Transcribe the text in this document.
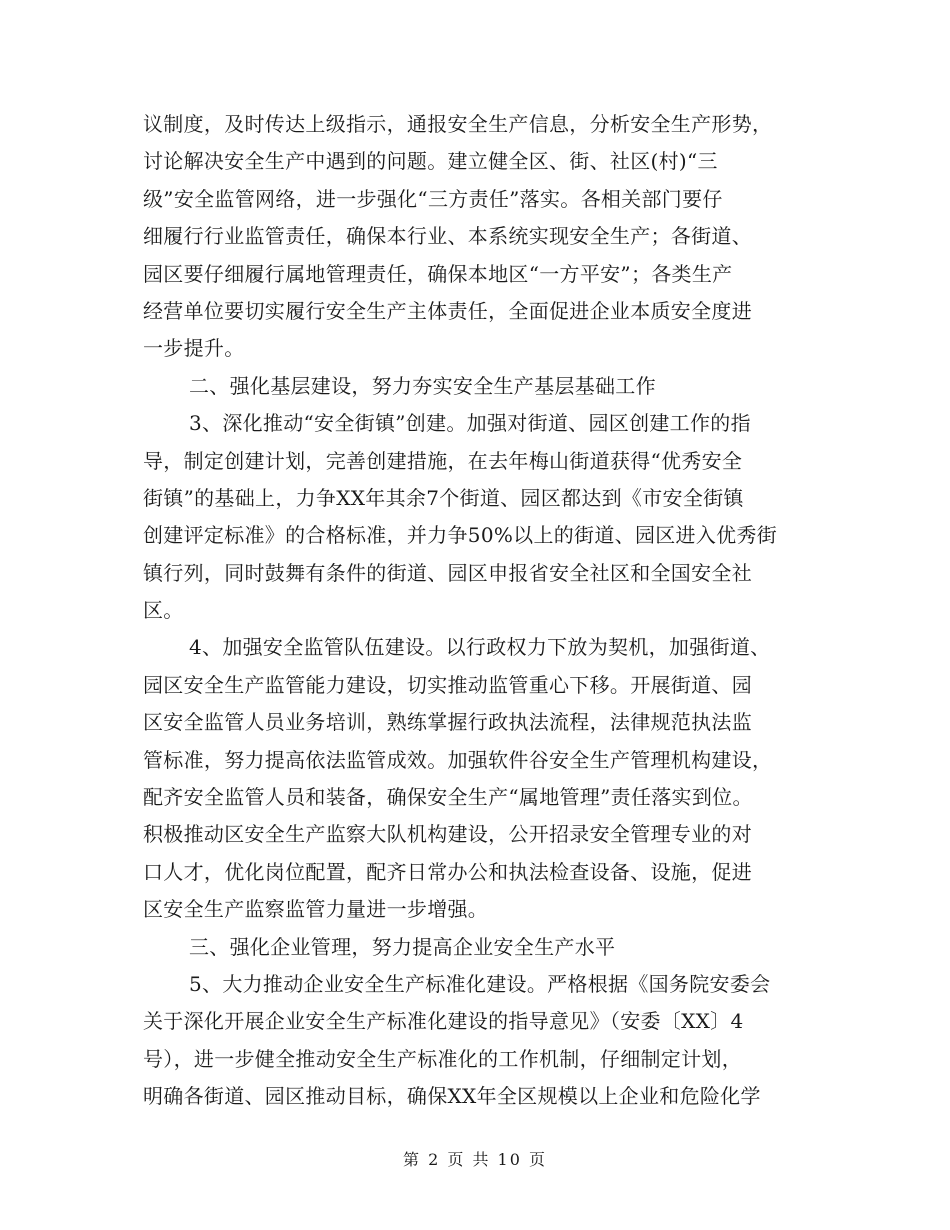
议制度，及时传达上级指示，通报安全生产信息，分析安全生产形势，
讨论解决安全生产中遇到的问题。建立健全区、街、社区(村)“三
级”安全监管网络，进一步强化“三方责任”落实。各相关部门要仔
细履行行业监管责任，确保本行业、本系统实现安全生产；各街道、
园区要仔细履行属地管理责任，确保本地区“一方平安”；各类生产
经营单位要切实履行安全生产主体责任，全面促进企业本质安全度进
一步提升。
二、强化基层建设，努力夯实安全生产基层基础工作
3、深化推动“安全街镇”创建。加强对街道、园区创建工作的指
导，制定创建计划，完善创建措施，在去年梅山街道获得“优秀安全
街镇”的基础上，力争XX年其余7个街道、园区都达到《市安全街镇
创建评定标准》的合格标准，并力争50%以上的街道、园区进入优秀街
镇行列，同时鼓舞有条件的街道、园区申报省安全社区和全国安全社
区。
4、加强安全监管队伍建设。以行政权力下放为契机，加强街道、
园区安全生产监管能力建设，切实推动监管重心下移。开展街道、园
区安全监管人员业务培训，熟练掌握行政执法流程，法律规范执法监
管标准，努力提高依法监管成效。加强软件谷安全生产管理机构建设，
配齐安全监管人员和装备，确保安全生产“属地管理”责任落实到位。
积极推动区安全生产监察大队机构建设，公开招录安全管理专业的对
口人才，优化岗位配置，配齐日常办公和执法检查设备、设施，促进
区安全生产监察监管力量进一步增强。
三、强化企业管理，努力提高企业安全生产水平
5、大力推动企业安全生产标准化建设。严格根据《国务院安委会
关于深化开展企业安全生产标准化建设的指导意见》（安委〔XX〕4
号），进一步健全推动安全生产标准化的工作机制，仔细制定计划，
明确各街道、园区推动目标，确保XX年全区规模以上企业和危险化学
第 2 页 共 10 页
